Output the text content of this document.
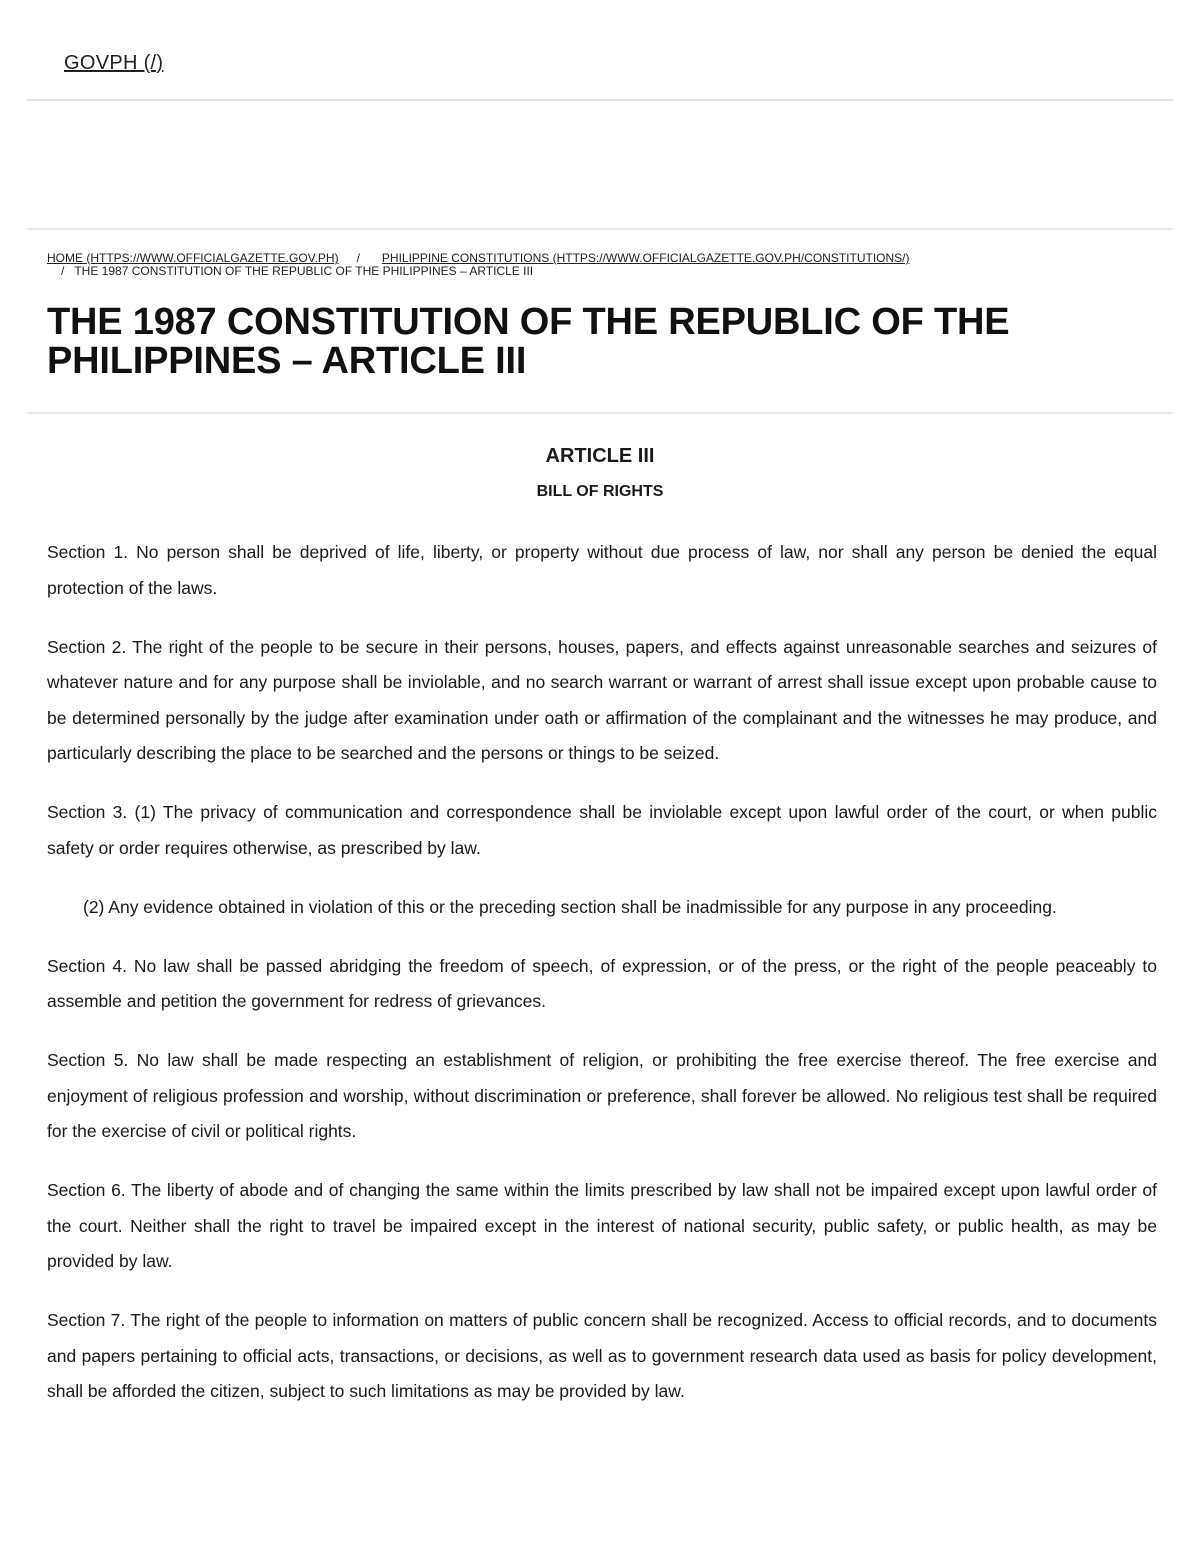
GOVPH (/)
HOME (HTTPS://WWW.OFFICIALGAZETTE.GOV.PH) / PHILIPPINE CONSTITUTIONS (HTTPS://WWW.OFFICIALGAZETTE.GOV.PH/CONSTITUTIONS/)
/ THE 1987 CONSTITUTION OF THE REPUBLIC OF THE PHILIPPINES – ARTICLE III
THE 1987 CONSTITUTION OF THE REPUBLIC OF THE PHILIPPINES – ARTICLE III

ARTICLE III

BILL OF RIGHTS

Section 1. No person shall be deprived of life, liberty, or property without due process of law, nor shall any person be denied the equal protection of the laws.

Section 2. The right of the people to be secure in their persons, houses, papers, and effects against unreasonable searches and seizures of whatever nature and for any purpose shall be inviolable, and no search warrant or warrant of arrest shall issue except upon probable cause to be determined personally by the judge after examination under oath or affirmation of the complainant and the witnesses he may produce, and particularly describing the place to be searched and the persons or things to be seized.

Section 3. (1) The privacy of communication and correspondence shall be inviolable except upon lawful order of the court, or when public safety or order requires otherwise, as prescribed by law.

(2) Any evidence obtained in violation of this or the preceding section shall be inadmissible for any purpose in any proceeding.

Section 4. No law shall be passed abridging the freedom of speech, of expression, or of the press, or the right of the people peaceably to assemble and petition the government for redress of grievances.

Section 5. No law shall be made respecting an establishment of religion, or prohibiting the free exercise thereof. The free exercise and enjoyment of religious profession and worship, without discrimination or preference, shall forever be allowed. No religious test shall be required for the exercise of civil or political rights.

Section 6. The liberty of abode and of changing the same within the limits prescribed by law shall not be impaired except upon lawful order of the court. Neither shall the right to travel be impaired except in the interest of national security, public safety, or public health, as may be provided by law.

Section 7. The right of the people to information on matters of public concern shall be recognized. Access to official records, and to documents and papers pertaining to official acts, transactions, or decisions, as well as to government research data used as basis for policy development, shall be afforded the citizen, subject to such limitations as may be provided by law.
